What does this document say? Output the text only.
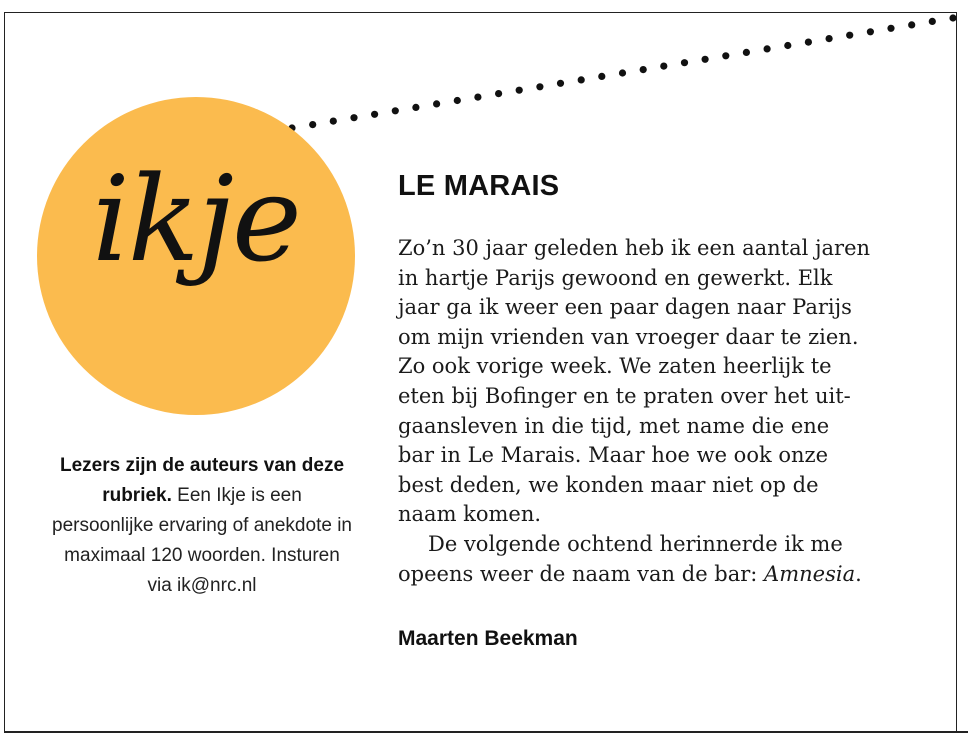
ikje
Lezers zijn de auteurs van deze rubriek. Een Ikje is een persoonlijke ervaring of anekdote in maximaal 120 woorden. Insturen via ik@nrc.nl
LE MARAIS

Zo’n 30 jaar geleden heb ik een aantal jaren
in hartje Parijs gewoond en gewerkt. Elk
jaar ga ik weer een paar dagen naar Parijs
om mijn vrienden van vroeger daar te zien.
Zo ook vorige week. We zaten heerlijk te
eten bij Bofinger en te praten over het uit-
gaansleven in die tijd, met name die ene
bar in Le Marais. Maar hoe we ook onze
best deden, we konden maar niet op de
naam komen.

De volgende ochtend herinnerde ik me
opeens weer de naam van de bar: Amnesia.

Maarten Beekman
